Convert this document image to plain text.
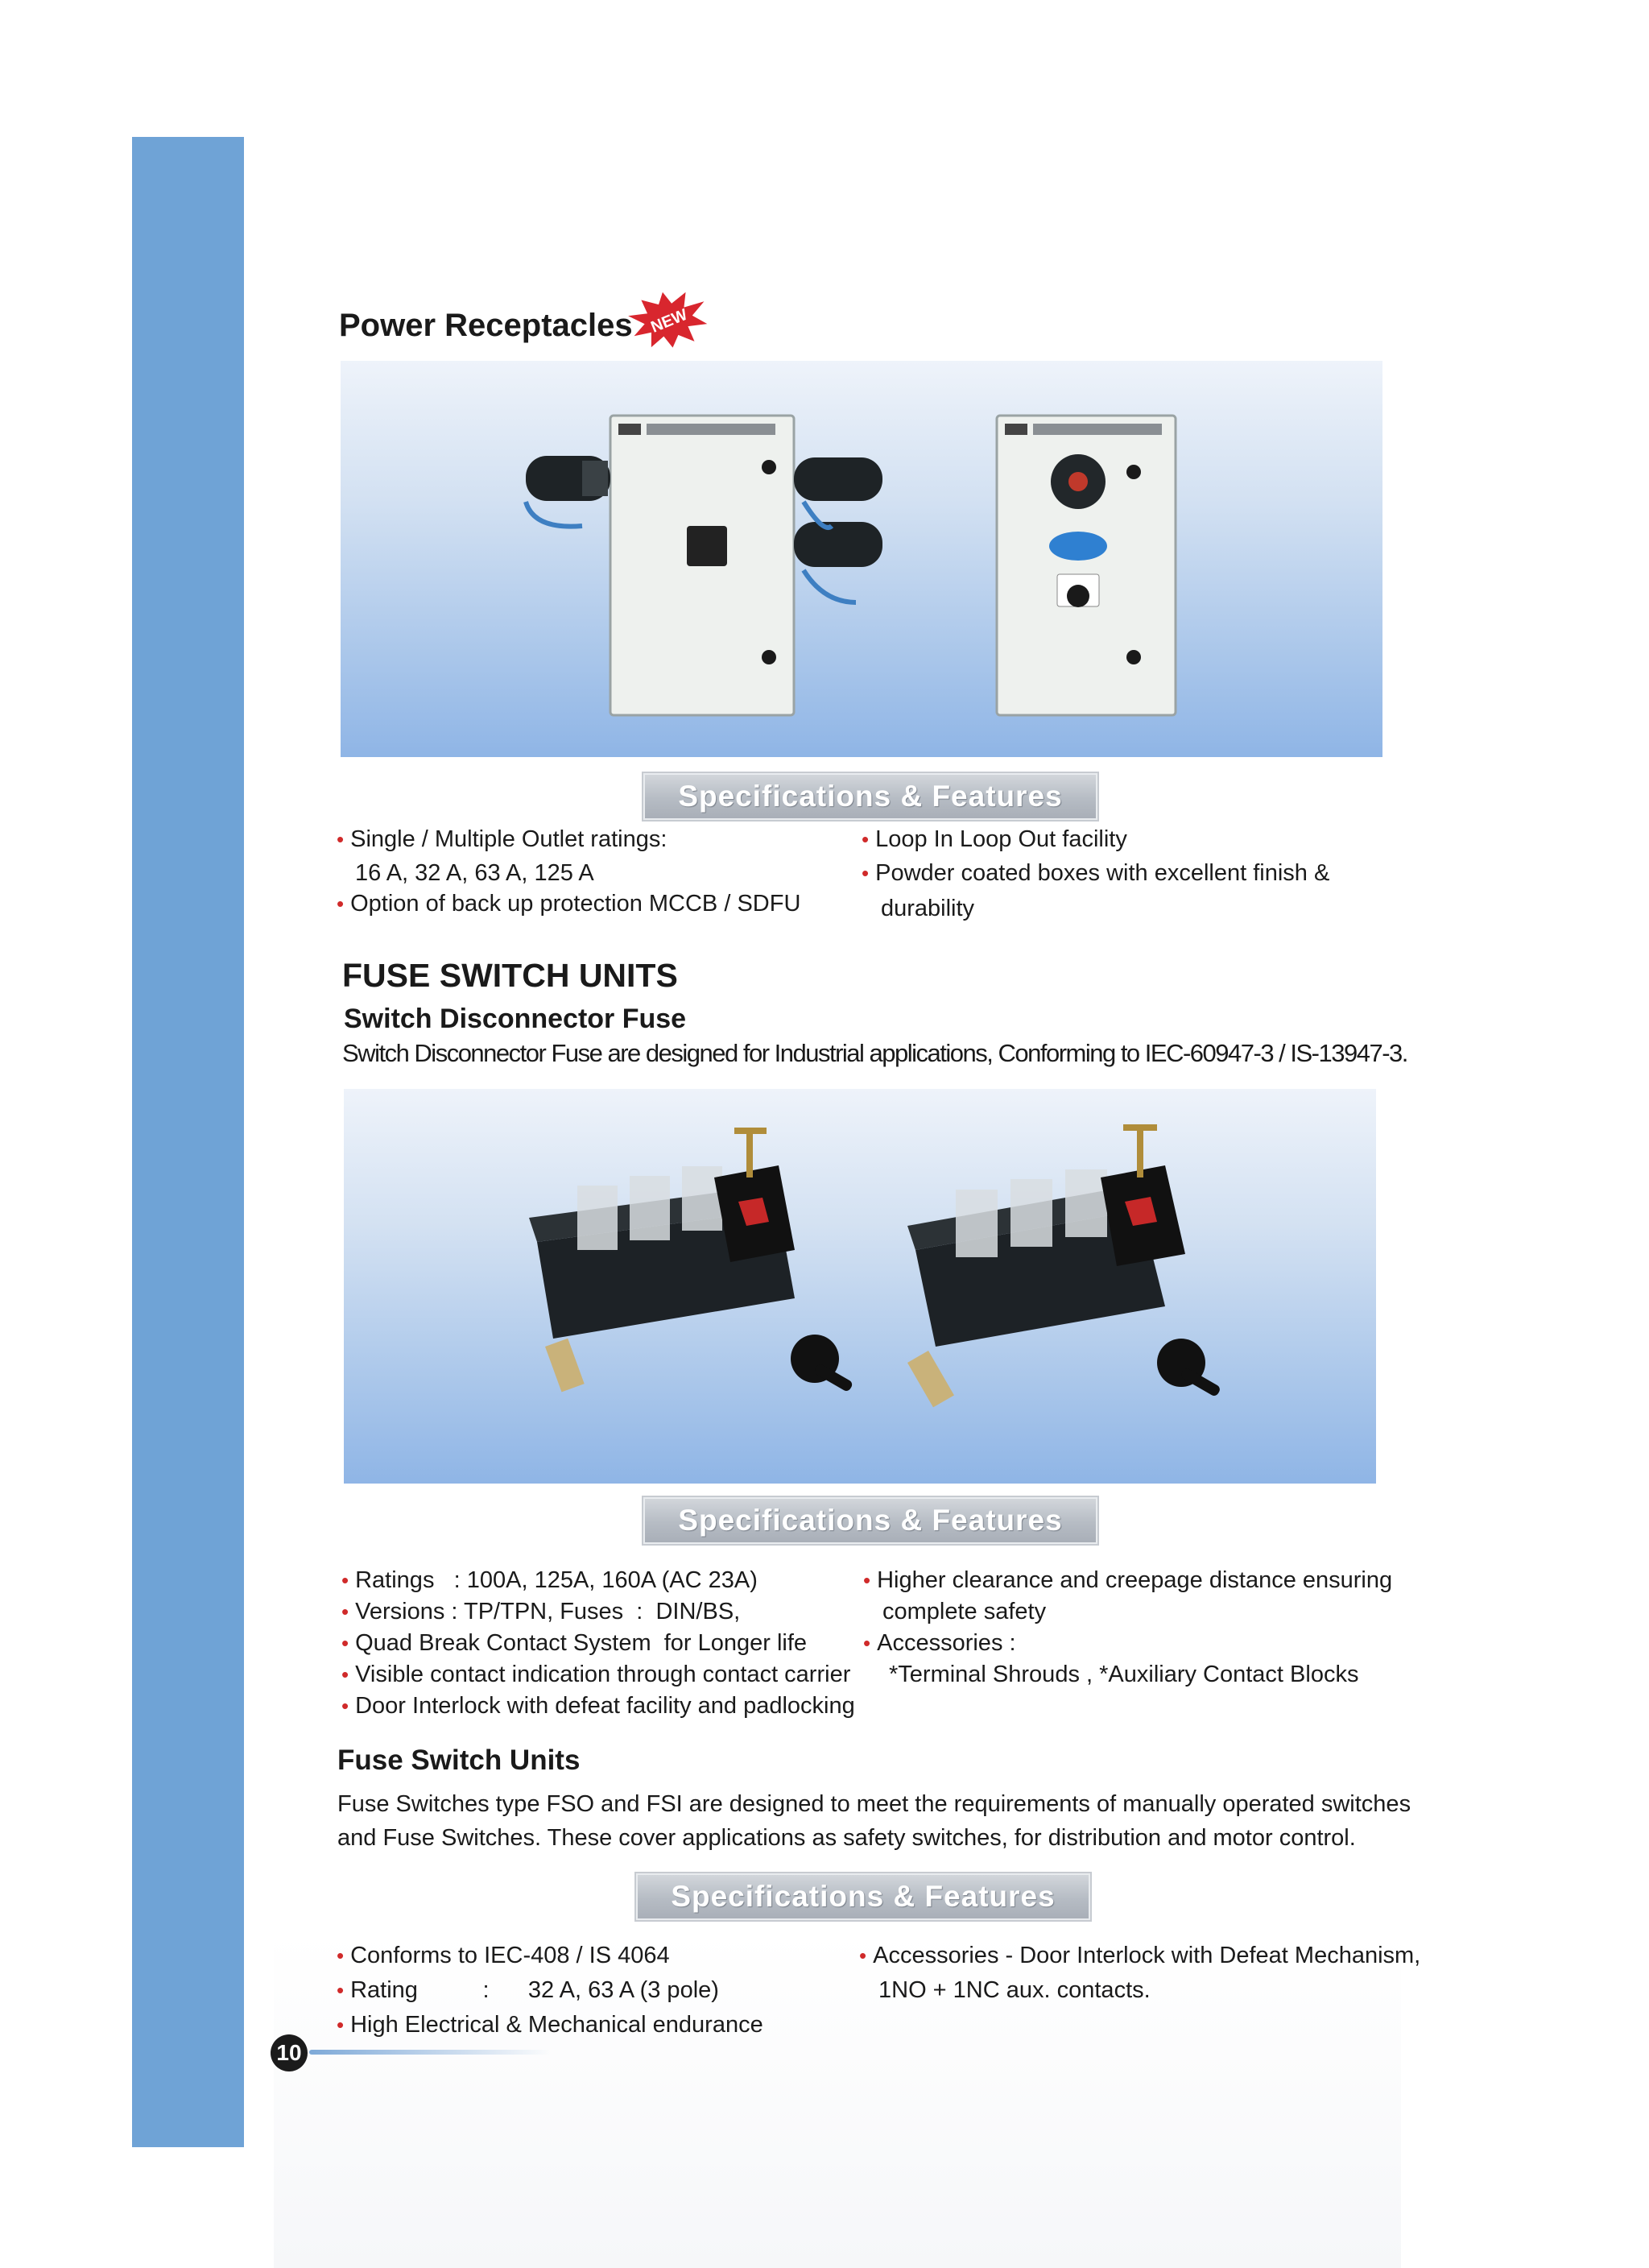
Power Receptacles NEW
Specifications & Features
• Single / Multiple Outlet ratings:
16 A, 32 A, 63 A, 125 A
• Option of back up protection MCCB / SDFU
• Loop In Loop Out facility
• Powder coated boxes with excellent finish &
durability
FUSE SWITCH UNITS
Switch Disconnector Fuse
Switch Disconnector Fuse are designed for Industrial applications, Conforming to IEC-60947-3 / IS-13947-3.
Specifications & Features
• Ratings   : 100A, 125A, 160A (AC 23A)
• Versions : TP/TPN, Fuses  :  DIN/BS,
• Quad Break Contact System  for Longer life
• Visible contact indication through contact carrier
• Door Interlock with defeat facility and padlocking
• Higher clearance and creepage distance ensuring
complete safety
• Accessories :
*Terminal Shrouds , *Auxiliary Contact Blocks
Fuse Switch Units
Fuse Switches type FSO and FSI are designed to meet the requirements of manually operated switches
and Fuse Switches. These cover applications as safety switches, for distribution and motor control.
Specifications & Features
• Conforms to IEC-408 / IS 4064
• Rating          :      32 A, 63 A (3 pole)
• High Electrical & Mechanical endurance
• Accessories - Door Interlock with Defeat Mechanism,
1NO + 1NC aux. contacts.
10
